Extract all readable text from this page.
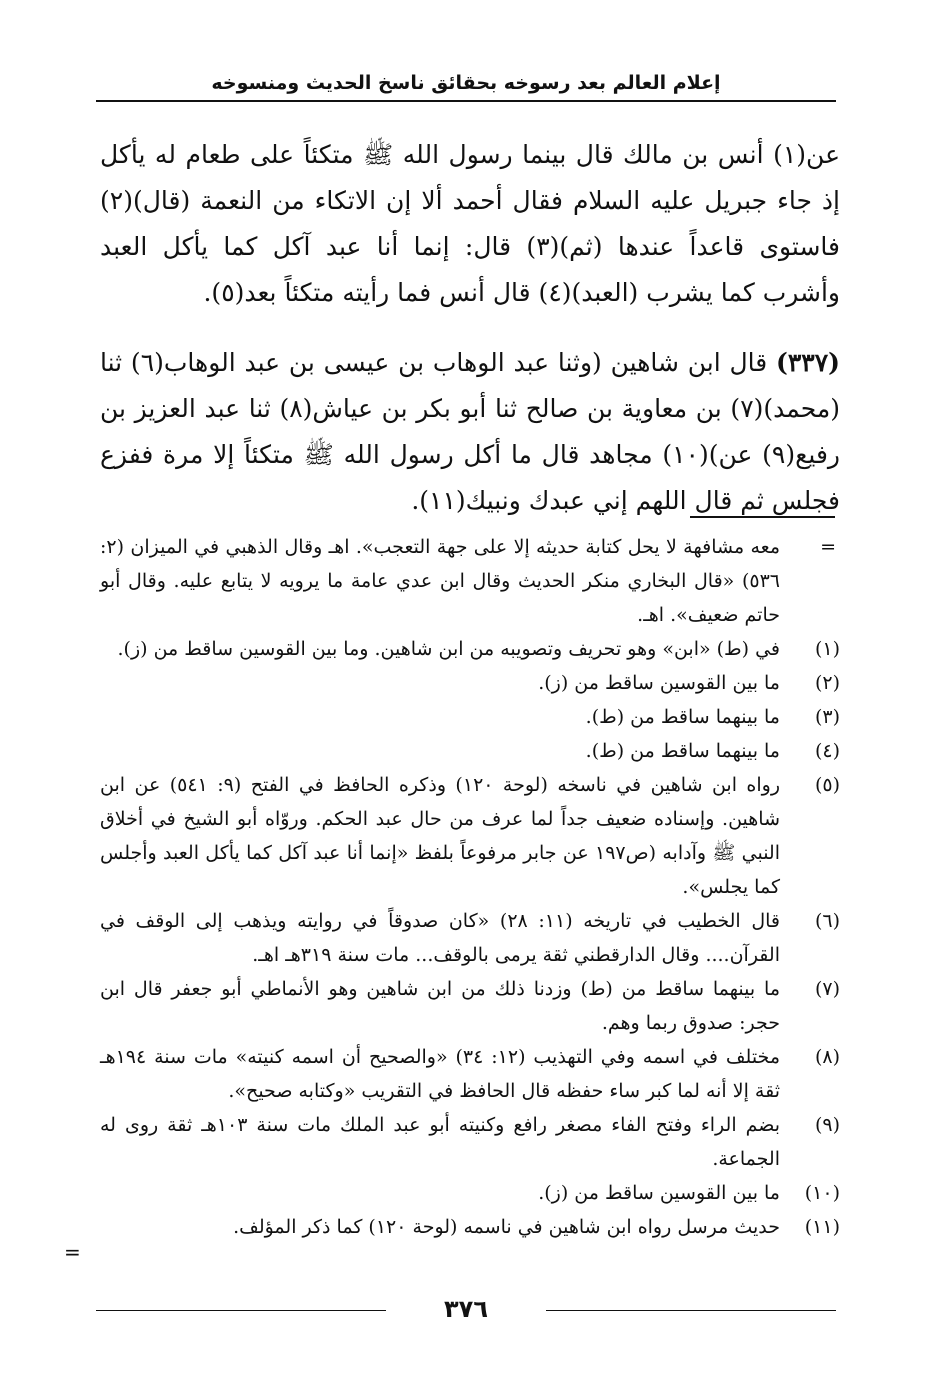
إعلام العالم بعد رسوخه بحقائق ناسخ الحديث ومنسوخه

عن(١) أنس بن مالك قال بينما رسول الله ﷺ متكئاً على طعام له يأكل إذ جاء جبريل عليه السلام فقال أحمد ألا إن الاتكاء من النعمة (قال)(٢) فاستوى قاعداً عندها (ثم)(٣) قال: إنما أنا عبد آكل كما يأكل العبد وأشرب كما يشرب (العبد)(٤) قال أنس فما رأيته متكئاً بعد(٥).

(٣٣٧) قال ابن شاهين (وثنا عبد الوهاب بن عيسى بن عبد الوهاب(٦) ثنا (محمد)(٧) بن معاوية بن صالح ثنا أبو بكر بن عياش(٨) ثنا عبد العزيز بن رفيع(٩) عن)(١٠) مجاهد قال ما أكل رسول الله ﷺ متكئاً إلا مرة ففزع فجلس ثم قال اللهم إني عبدك ونبيك(١١).

=
معه مشافهة لا يحل كتابة حديثه إلا على جهة التعجب». اهـ وقال الذهبي في الميزان (٢: ٥٣٦) «قال البخاري منكر الحديث وقال ابن عدي عامة ما يرويه لا يتابع عليه. وقال أبو حاتم ضعيف». اهـ.

(١)
في (ط) «ابن» وهو تحريف وتصويبه من ابن شاهين. وما بين القوسين ساقط من (ز).

(٢)
ما بين القوسين ساقط من (ز).

(٣)
ما بينهما ساقط من (ط).

(٤)
ما بينهما ساقط من (ط).

(٥)
رواه ابن شاهين في ناسخه (لوحة ١٢٠) وذكره الحافظ في الفتح (٩: ٥٤١) عن ابن شاهين. وإسناده ضعيف جداً لما عرف من حال عبد الحكم. وروّاه أبو الشيخ في أخلاق النبي ﷺ وآدابه (ص١٩٧ عن جابر مرفوعاً بلفظ «إنما أنا عبد آكل كما يأكل العبد وأجلس كما يجلس».

(٦)
قال الخطيب في تاريخه (١١: ٢٨) «كان صدوقاً في روايته ويذهب إلى الوقف في القرآن.... وقال الدارقطني ثقة يرمى بالوقف... مات سنة ٣١٩هـ اهـ.

(٧)
ما بينهما ساقط من (ط) وزدنا ذلك من ابن شاهين وهو الأنماطي أبو جعفر قال ابن حجر: صدوق ربما وهم.

(٨)
مختلف في اسمه وفي التهذيب (١٢: ٣٤) «والصحيح أن اسمه كنيته» مات سنة ١٩٤هـ ثقة إلا أنه لما كبر ساء حفظه قال الحافظ في التقريب «وكتابه صحيح».

(٩)
بضم الراء وفتح الفاء مصغر رافع وكنيته أبو عبد الملك مات سنة ١٠٣هـ ثقة روى له الجماعة.

(١٠)
ما بين القوسين ساقط من (ز).

(١١)
حديث مرسل رواه ابن شاهين في ناسمه (لوحة ١٢٠) كما ذكر المؤلف.

=
٣٧٦
